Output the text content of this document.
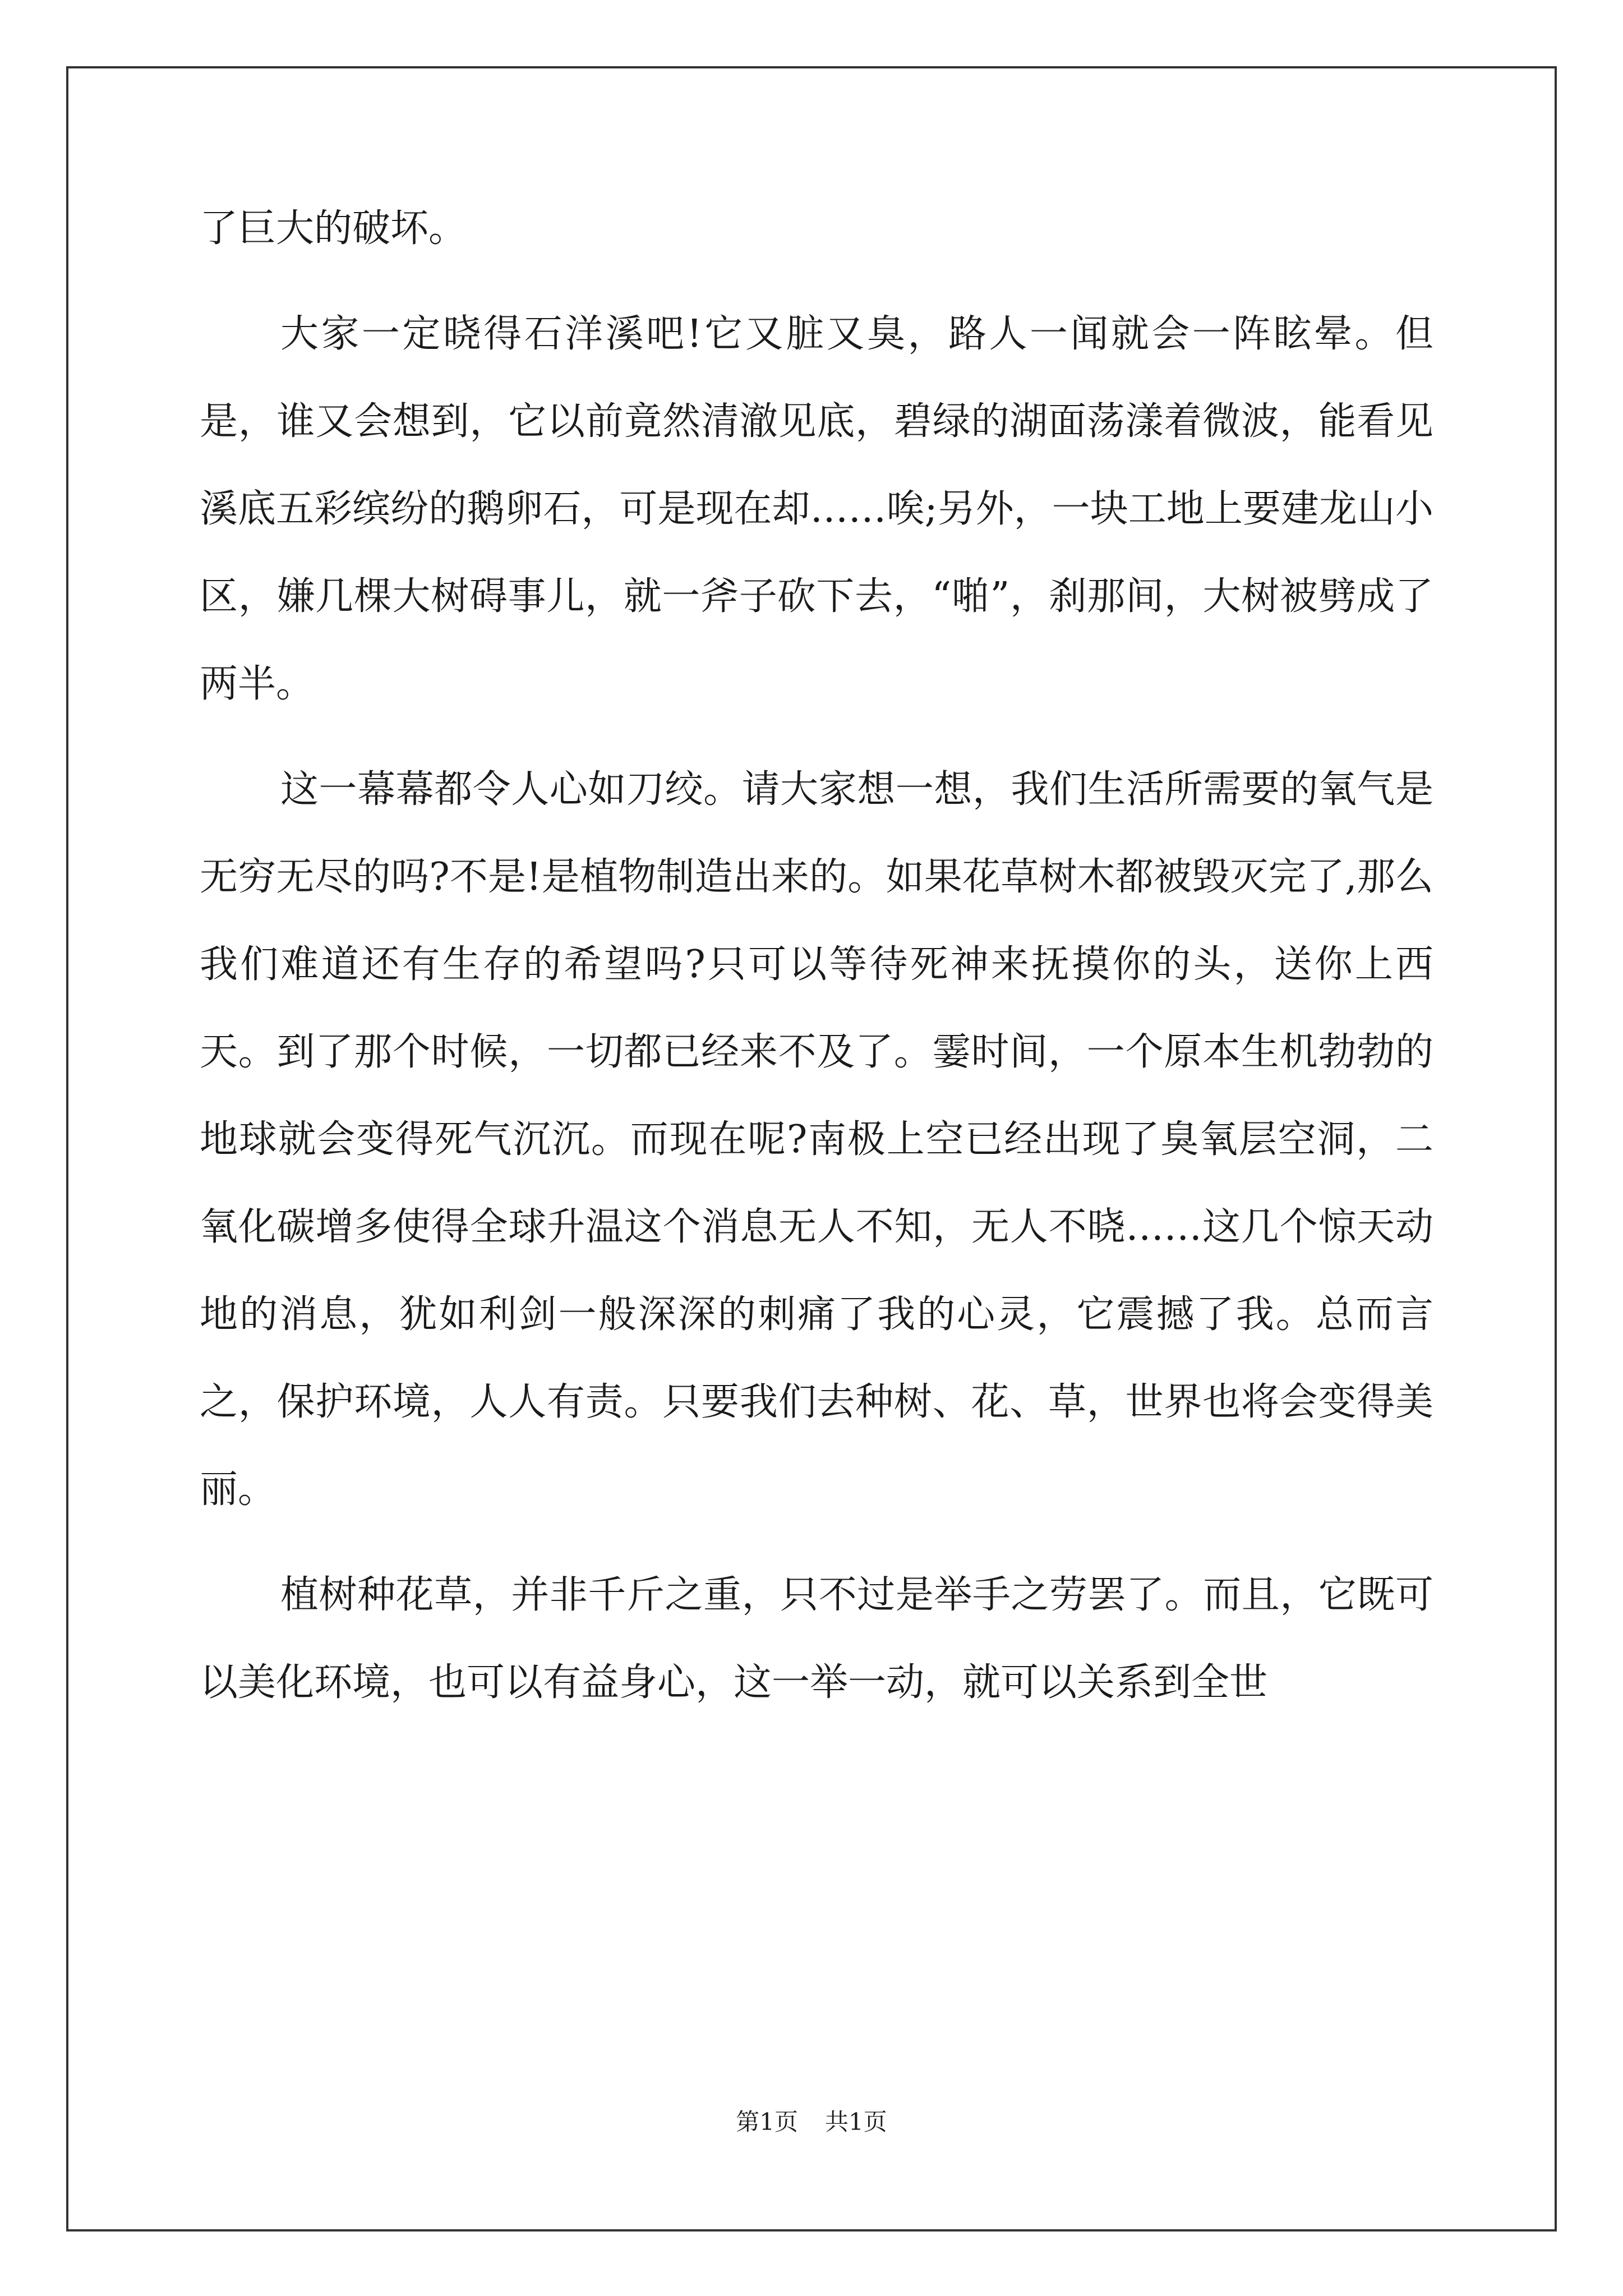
了巨大的破坏。

大家一定晓得石洋溪吧!它又脏又臭，路人一闻就会一阵眩晕。但是，谁又会想到，它以前竟然清澈见底，碧绿的湖面荡漾着微波，能看见溪底五彩缤纷的鹅卵石，可是现在却……唉;另外，一块工地上要建龙山小区，嫌几棵大树碍事儿，就一斧子砍下去，“啪”，刹那间，大树被劈成了两半。

这一幕幕都令人心如刀绞。请大家想一想，我们生活所需要的氧气是无穷无尽的吗?不是!是植物制造出来的。如果花草树木都被毁灭完了,那么我们难道还有生存的希望吗?只可以等待死神来抚摸你的头，送你上西天。到了那个时候，一切都已经来不及了。霎时间，一个原本生机勃勃的地球就会变得死气沉沉。而现在呢?南极上空已经出现了臭氧层空洞，二氧化碳增多使得全球升温这个消息无人不知，无人不晓……这几个惊天动地的消息，犹如利剑一般深深的刺痛了我的心灵，它震撼了我。总而言之，保护环境，人人有责。只要我们去种树、花、草，世界也将会变得美丽。

植树种花草，并非千斤之重，只不过是举手之劳罢了。而且，它既可以美化环境，也可以有益身心，这一举一动，就可以关系到全世

第1页 共1页
